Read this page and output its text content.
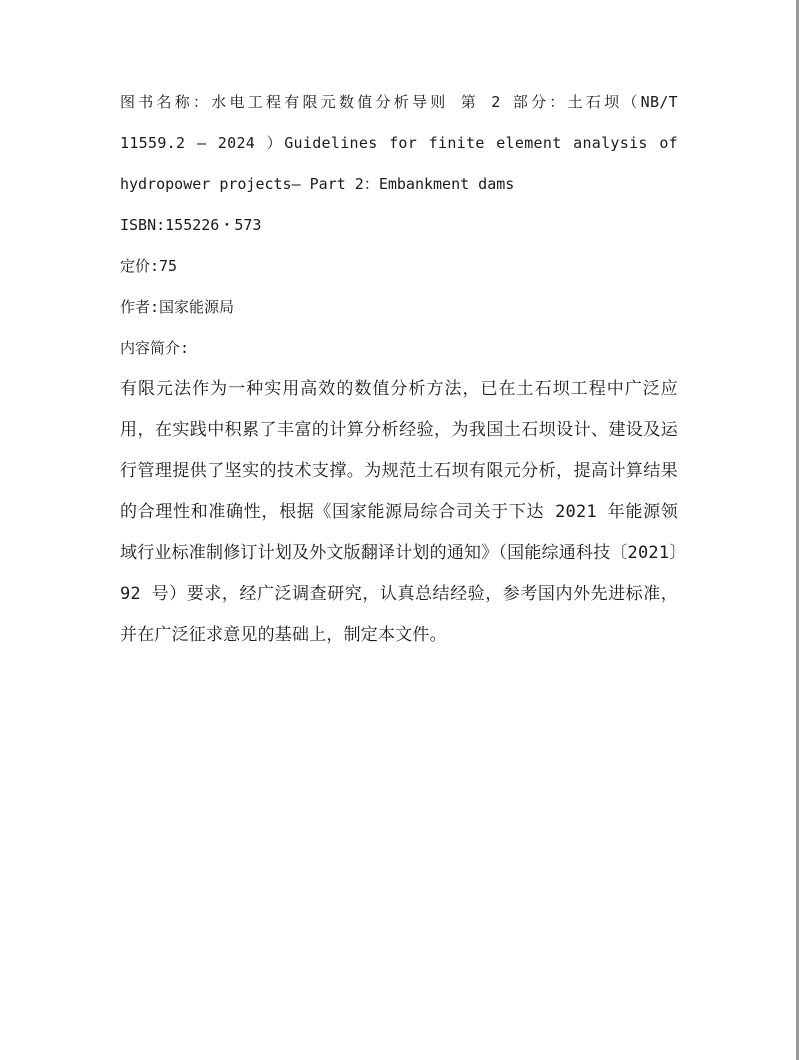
图书名称：水电工程有限元数值分析导则 第 2 部分：土石坝（NB/T

11559.2 — 2024 ）Guidelines for finite element analysis of

hydropower projects— Part 2：Embankment dams

ISBN:155226・573

定价:75

作者:国家能源局

内容简介:

有限元法作为一种实用高效的数值分析方法，已在土石坝工程中广泛应用，在实践中积累了丰富的计算分析经验，为我国土石坝设计、建设及运行管理提供了坚实的技术支撑。为规范土石坝有限元分析，提高计算结果的合理性和准确性，根据《国家能源局综合司关于下达 2021 年能源领域行业标准制修订计划及外文版翻译计划的通知》（国能综通科技〔2021〕92 号）要求，经广泛调查研究，认真总结经验，参考国内外先进标准，并在广泛征求意见的基础上，制定本文件。
